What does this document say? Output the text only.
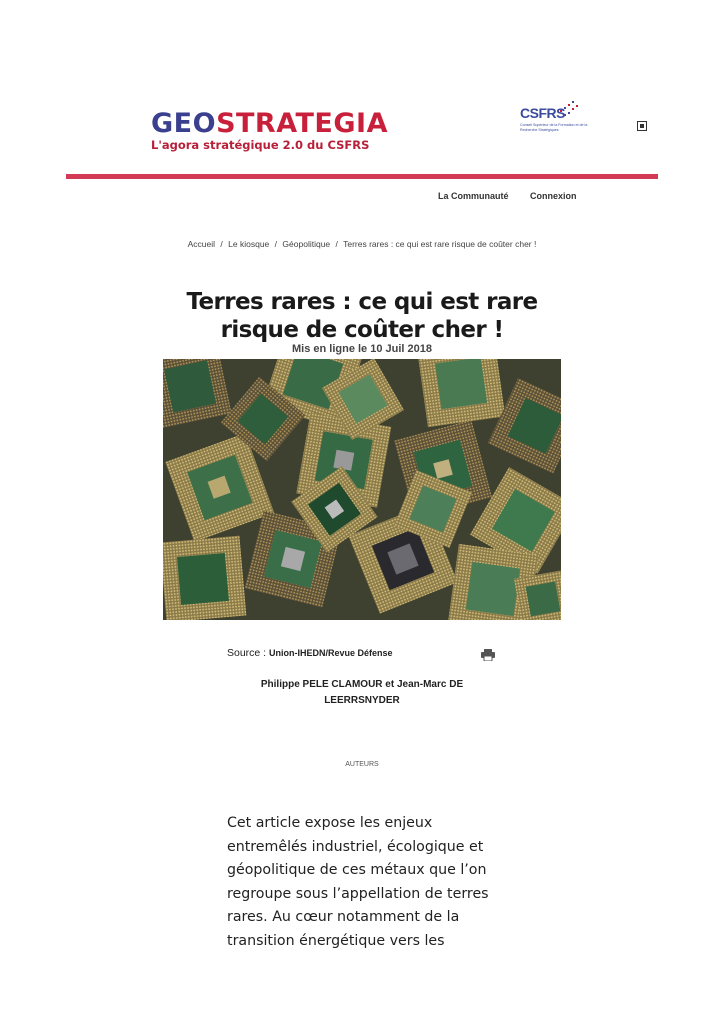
GEOSTRATEGIA
L'agora stratégique 2.0 du CSFRS
CSFRS
Conseil Supérieur de la Formation et de la Recherche Stratégiques
La Communauté Connexion
Accueil / Le kiosque / Géopolitique / Terres rares : ce qui est rare risque de coûter cher !
Terres rares : ce qui est rare
risque de coûter cher !
Mis en ligne le 10 Juil 2018
Source : Union-IHEDN/Revue Défense
Philippe PELE CLAMOUR et Jean-Marc DE
LEERRSNYDER
AUTEURS
Cet article expose les enjeux
entremêlés industriel, écologique et
géopolitique de ces métaux que l’on
regroupe sous l’appellation de terres
rares. Au cœur notamment de la
transition énergétique vers les
